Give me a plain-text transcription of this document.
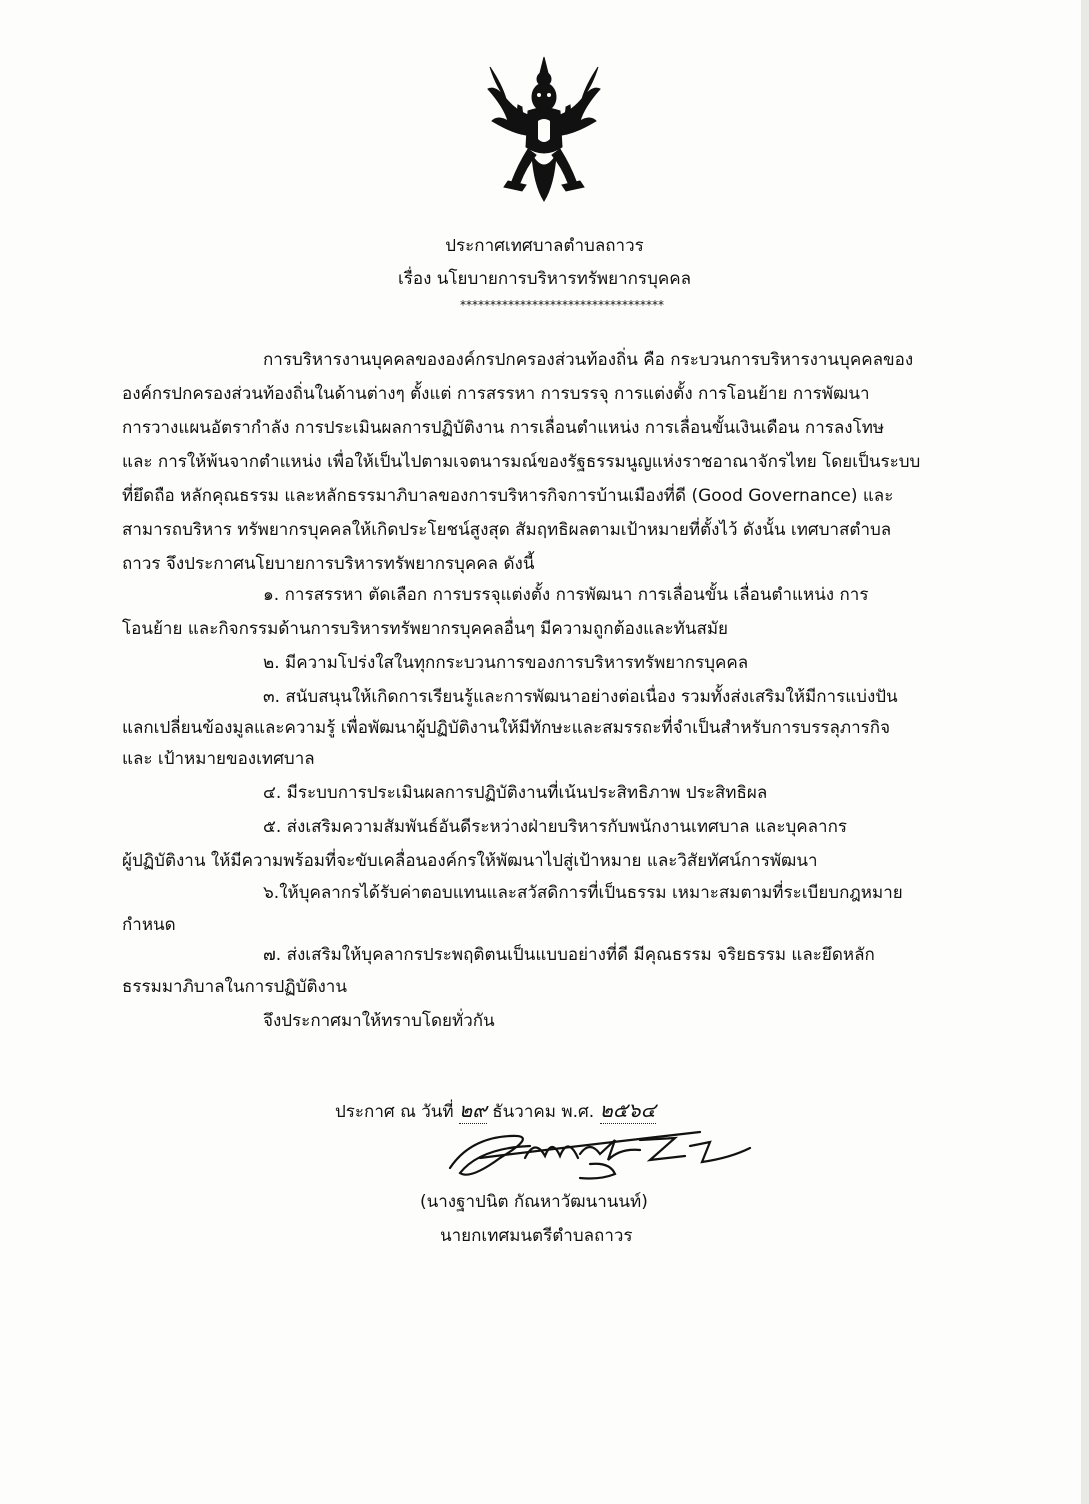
ประกาศเทศบาลตำบลถาวร
เรื่อง นโยบายการบริหารทรัพยากรบุคคล
**********************************
การบริหารงานบุคคลขององค์กรปกครองส่วนท้องถิ่น คือ กระบวนการบริหารงานบุคคลของ
องค์กรปกครองส่วนท้องถิ่นในด้านต่างๆ ตั้งแต่ การสรรหา การบรรจุ การแต่งตั้ง การโอนย้าย การพัฒนา
การวางแผนอัตรากำลัง การประเมินผลการปฏิบัติงาน การเลื่อนตำแหน่ง การเลื่อนขั้นเงินเดือน การลงโทษ
และ การให้พ้นจากตำแหน่ง เพื่อให้เป็นไปตามเจตนารมณ์ของรัฐธรรมนูญแห่งราชอาณาจักรไทย โดยเป็นระบบ
ที่ยึดถือ หลักคุณธรรม และหลักธรรมาภิบาลของการบริหารกิจการบ้านเมืองที่ดี (Good Governance) และ
สามารถบริหาร ทรัพยากรบุคคลให้เกิดประโยชน์สูงสุด สัมฤทธิผลตามเป้าหมายที่ตั้งไว้ ดังนั้น เทศบาสตำบล
ถาวร จึงประกาศนโยบายการบริหารทรัพยากรบุคคล ดังนี้
๑. การสรรหา ตัดเลือก การบรรจุแต่งตั้ง การพัฒนา การเลื่อนขั้น เลื่อนตำแหน่ง การ
โอนย้าย และกิจกรรมด้านการบริหารทรัพยากรบุคคลอื่นๆ มีความถูกต้องและทันสมัย
๒. มีความโปร่งใสในทุกกระบวนการของการบริหารทรัพยากรบุคคล
๓. สนับสนุนให้เกิดการเรียนรู้และการพัฒนาอย่างต่อเนื่อง รวมทั้งส่งเสริมให้มีการแบ่งปัน
แลกเปลี่ยนข้องมูลและความรู้ เพื่อพัฒนาผู้ปฏิบัติงานให้มีทักษะและสมรรถะที่จำเป็นสำหรับการบรรลุภารกิจ
และ เป้าหมายของเทศบาล
๔. มีระบบการประเมินผลการปฏิบัติงานที่เน้นประสิทธิภาพ ประสิทธิผล
๕. ส่งเสริมความสัมพันธ์อันดีระหว่างฝ่ายบริหารกับพนักงานเทศบาล และบุคลากร
ผู้ปฏิบัติงาน ให้มีความพร้อมที่จะขับเคลื่อนองค์กรให้พัฒนาไปสู่เป้าหมาย และวิสัยทัศน์การพัฒนา
๖.ให้บุคลากรได้รับค่าตอบแทนและสวัสดิการที่เป็นธรรม เหมาะสมตามที่ระเบียบกฎหมาย
กำหนด
๗. ส่งเสริมให้บุคลากรประพฤติตนเป็นแบบอย่างที่ดี มีคุณธรรม จริยธรรม และยึดหลัก
ธรรมมาภิบาลในการปฏิบัติงาน
จึงประกาศมาให้ทราบโดยทั่วกัน
ประกาศ ณ วันที่ ๒๙ ธันวาคม พ.ศ. ๒๕๖๔
(นางฐาปนิต กัณหาวัฒนานนท์)
นายกเทศมนตรีตำบลถาวร
